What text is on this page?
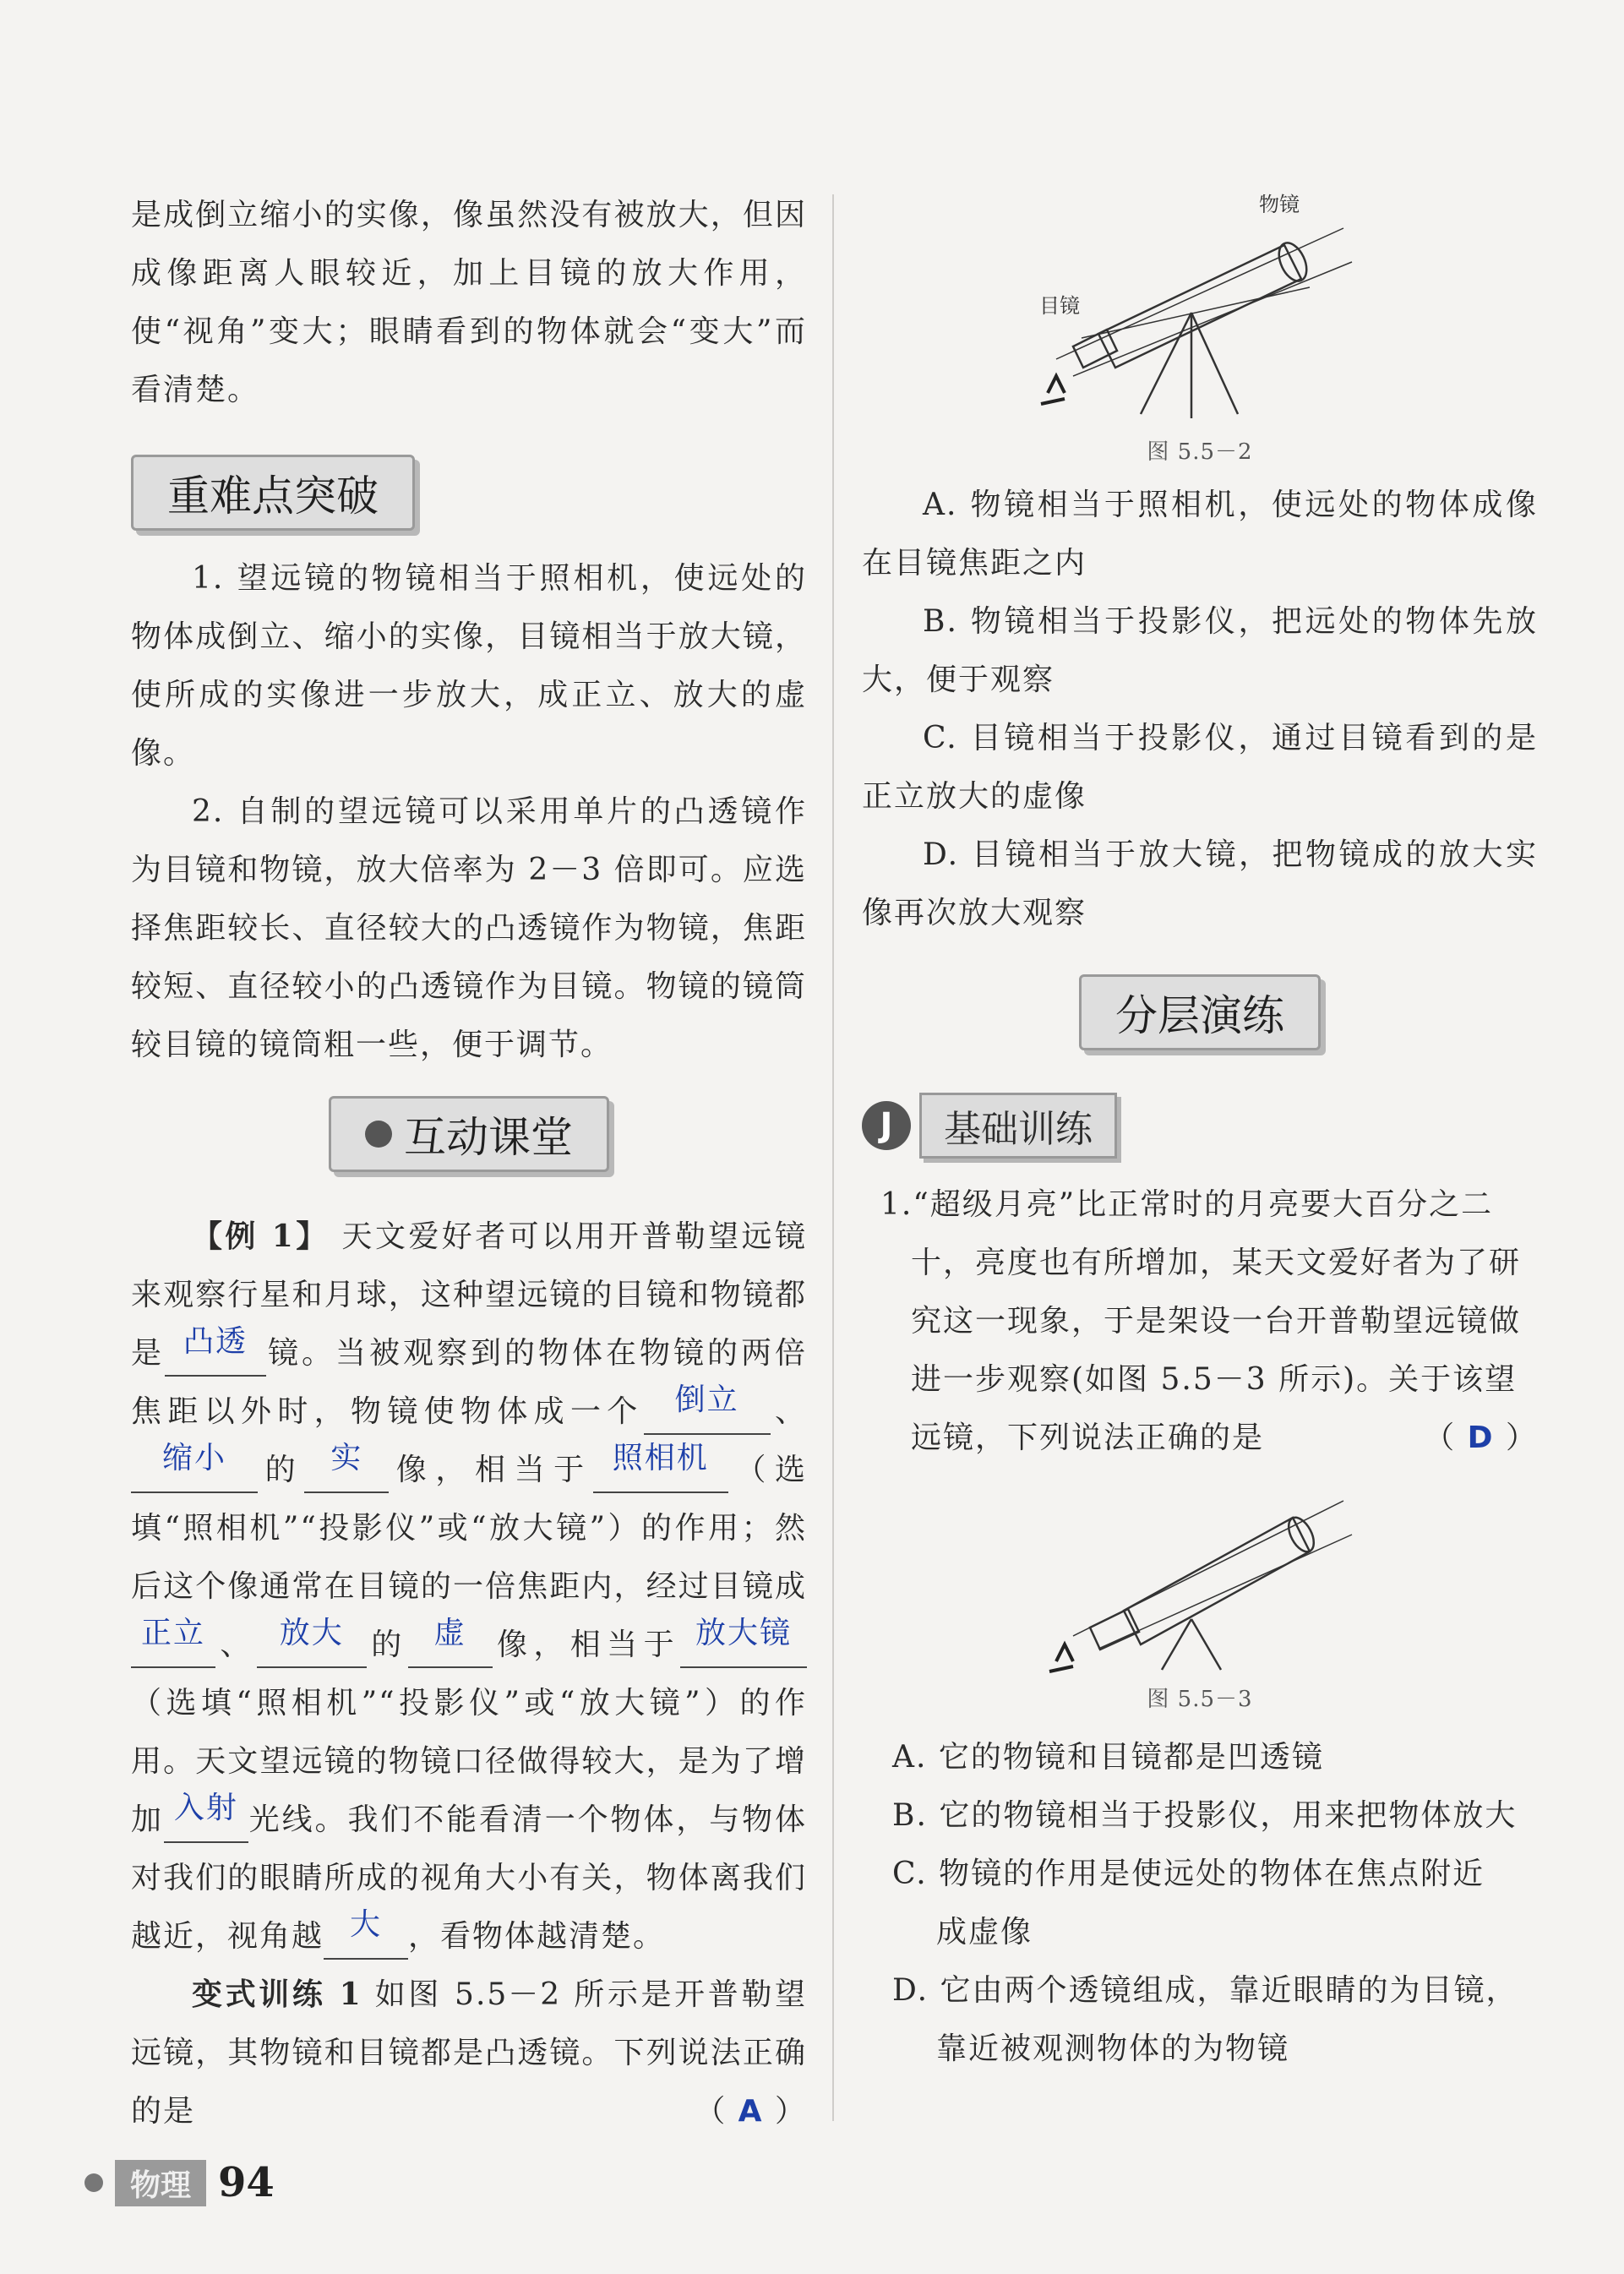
是成倒立缩小的实像，像虽然没有被放大，但因成像距离人眼较近，加上目镜的放大作用，使“视角”变大；眼睛看到的物体就会“变大”而看清楚。

重难点突破

1. 望远镜的物镜相当于照相机，使远处的物体成倒立、缩小的实像，目镜相当于放大镜，使所成的实像进一步放大，成正立、放大的虚像。

2. 自制的望远镜可以采用单片的凸透镜作为目镜和物镜，放大倍率为 2－3 倍即可。应选择焦距较长、直径较大的凸透镜作为物镜，焦距较短、直径较小的凸透镜作为目镜。物镜的镜筒较目镜的镜筒粗一些，便于调节。

互动课堂

【例 1】 天文爱好者可以用开普勒望远镜来观察行星和月球，这种望远镜的目镜和物镜都是 凸透 镜。当被观察到的物体在物镜的两倍焦距以外时，物镜使物体成一个 倒立 、缩小 的 实 像，相当于 照相机 （选填“照相机”“投影仪”或“放大镜”）的作用；然后这个像通常在目镜的一倍焦距内，经过目镜成正立 、 放大 的 虚 像，相当于 放大镜（选填“照相机”“投影仪”或“放大镜”）的作用。天文望远镜的物镜口径做得较大，是为了增加 入射 光线。我们不能看清一个物体，与物体对我们的眼睛所成的视角大小有关，物体离我们越近，视角越 大 ，看物体越清楚。

变式训练 1 如图 5.5－2 所示是开普勒望远镜，其物镜和目镜都是凸透镜。下列说法正确的是	（ A ）

物镜
目镜
图 5.5－2

A. 物镜相当于照相机，使远处的物体成像在目镜焦距之内

B. 物镜相当于投影仪，把远处的物体先放大，便于观察

C. 目镜相当于投影仪，通过目镜看到的是正立放大的虚像

D. 目镜相当于放大镜，把物镜成的放大实像再次放大观察

分层演练
J	基础训练

1.“超级月亮”比正常时的月亮要大百分之二十，亮度也有所增加，某天文爱好者为了研究这一现象，于是架设一台开普勒望远镜做进一步观察(如图 5.5－3 所示)。关于该望远镜，下列说法正确的是	（ D ）

图 5.5－3

A. 它的物镜和目镜都是凹透镜

B. 它的物镜相当于投影仪，用来把物体放大

C. 物镜的作用是使远处的物体在焦点附近

成虚像

D. 它由两个透镜组成，靠近眼睛的为目镜，

靠近被观测物体的为物镜

物理 94
